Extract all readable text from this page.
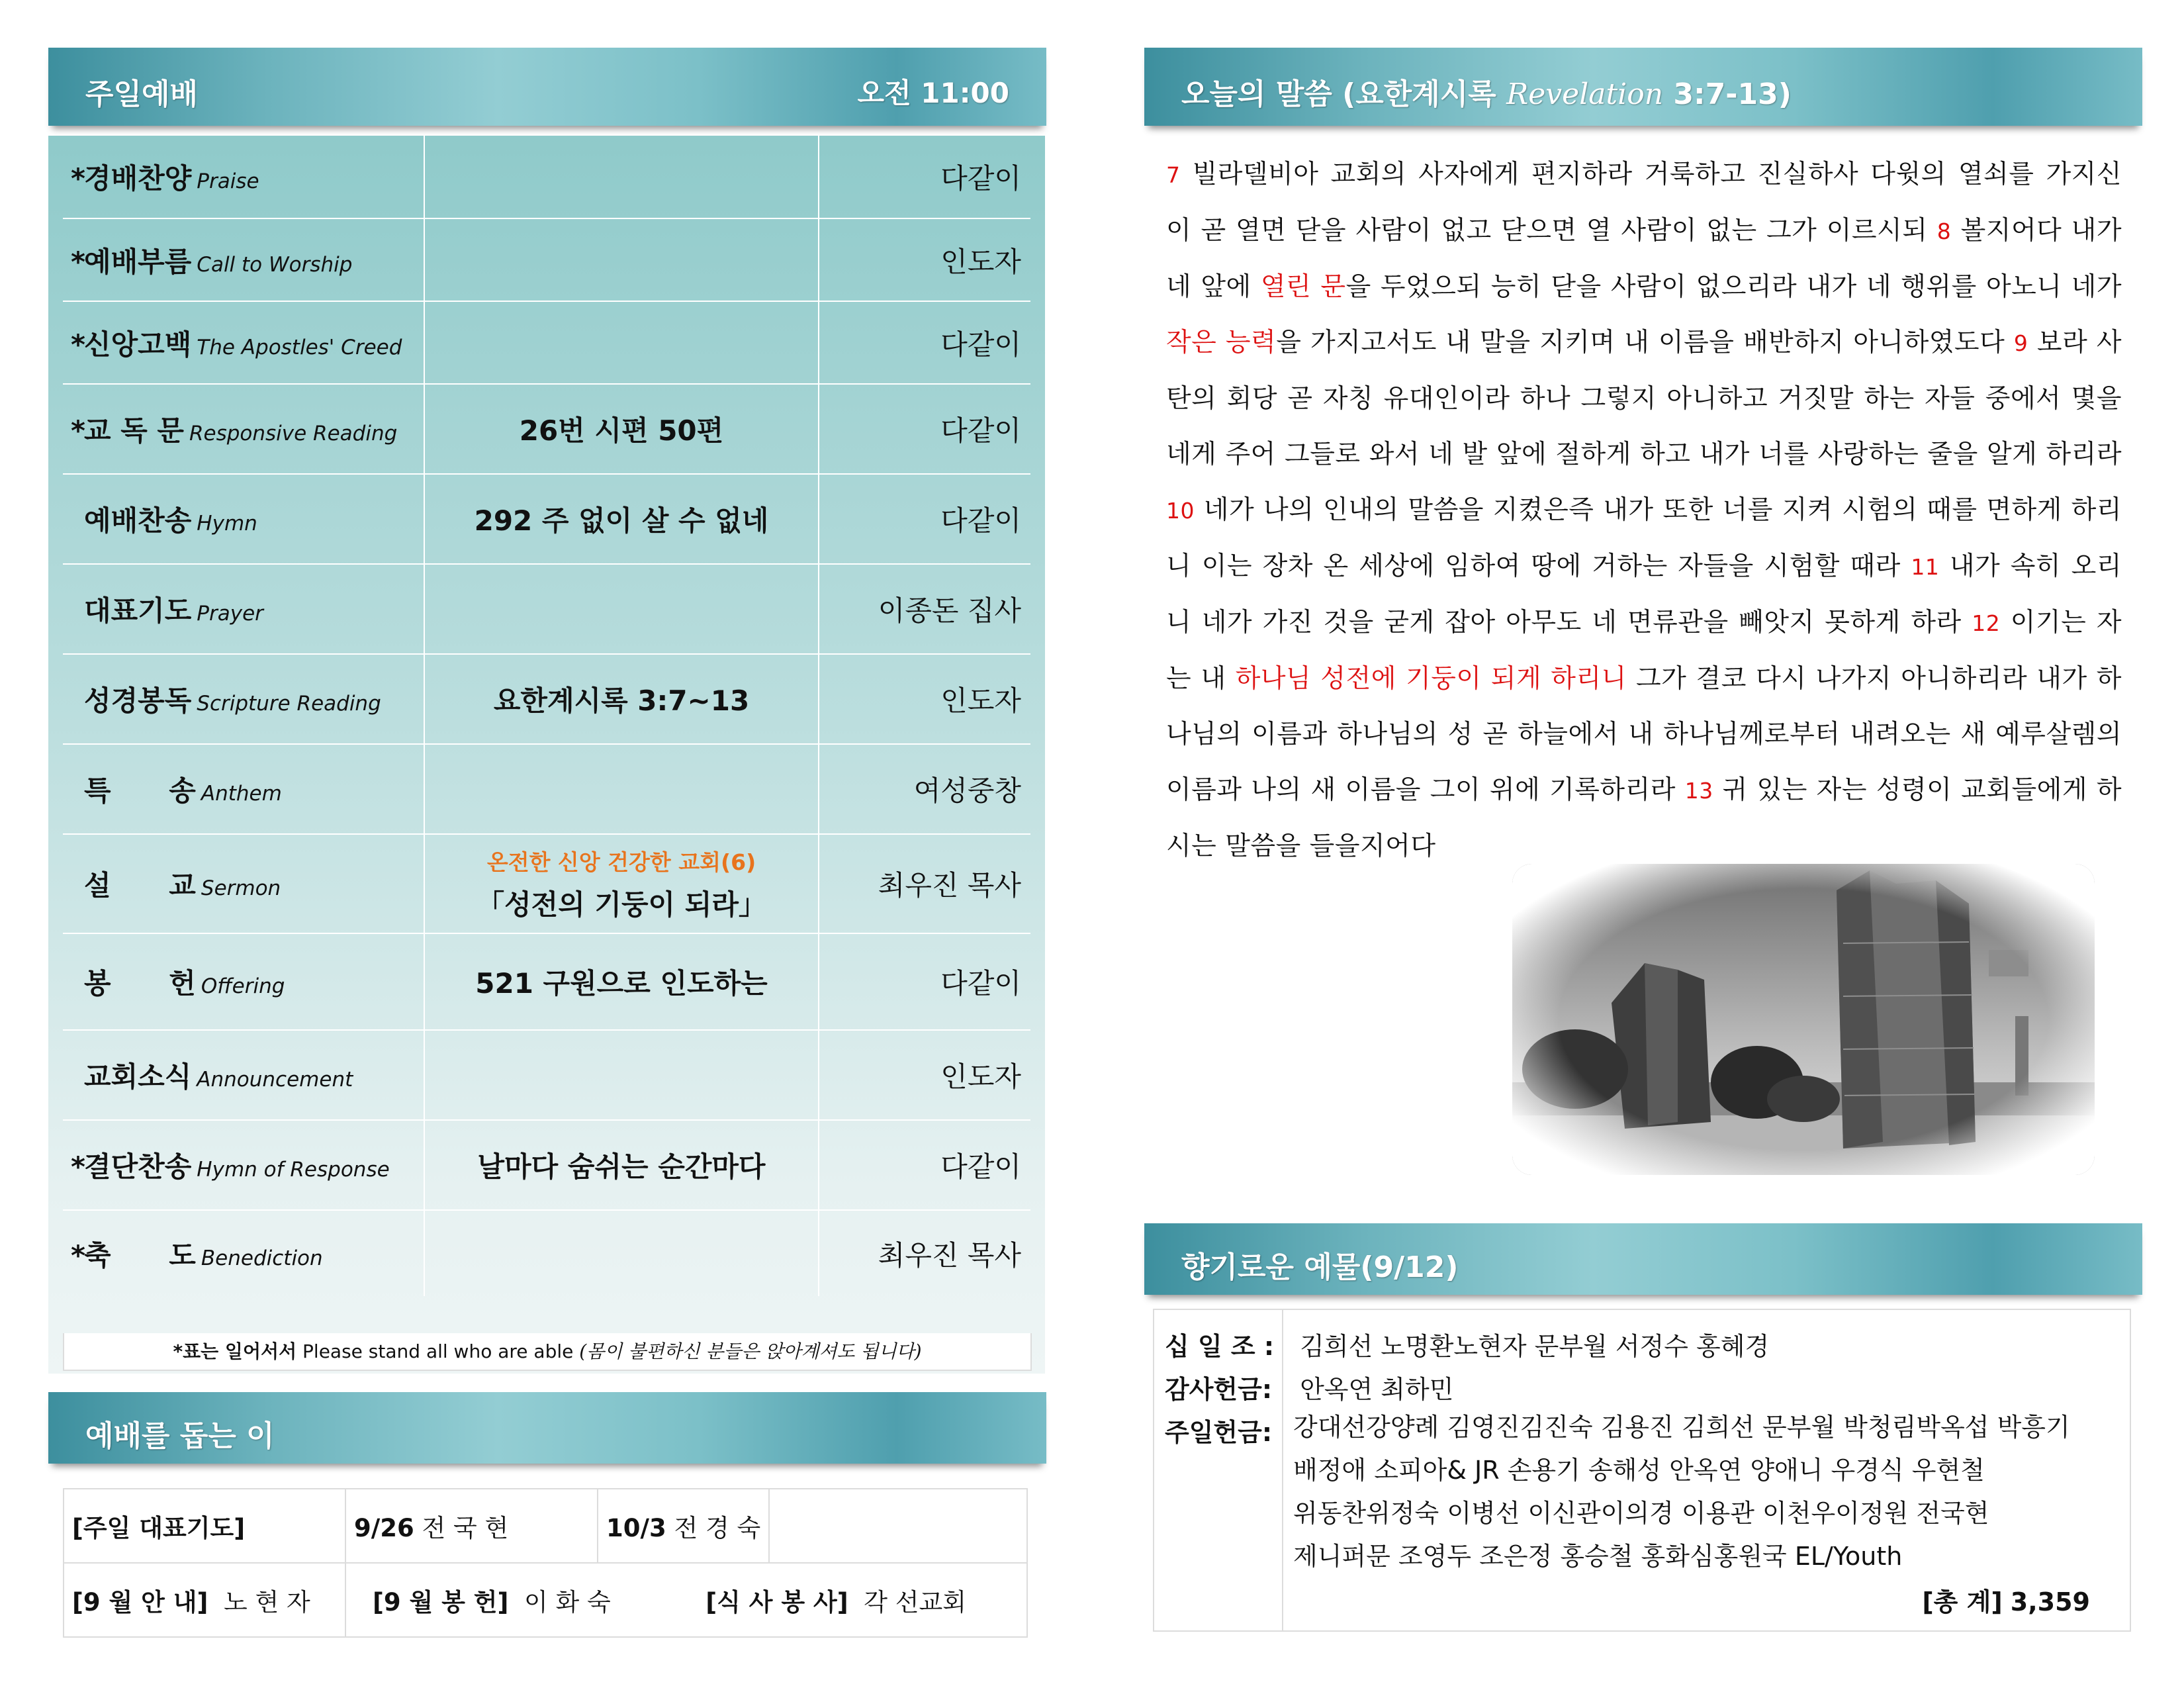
주일예배	오전 11:00
*경배찬양 Praise		다같이
*예배부름 Call to Worship		인도자
*신앙고백 The Apostles' Creed		다같이
*교 독 문 Responsive Reading	26번 시편 50편	다같이
예배찬송 Hymn	292 주 없이 살 수 없네	다같이
대표기도 Prayer		이종돈 집사
성경봉독 Scripture Reading	요한계시록 3:7~13	인도자
특      송 Anthem		여성중창
설      교 Sermon	온전한 신앙 건강한 교회(6)
「성전의 기둥이 되라」	최우진 목사
봉      헌 Offering	521 구원으로 인도하는	다같이
교회소식 Announcement		인도자
*결단찬송 Hymn of Response	날마다 숨쉬는 순간마다	다같이
*축      도 Benediction		최우진 목사
*표는 일어서서 Please stand all who are able (몸이 불편하신 분들은 앉아계셔도 됩니다)
예배를 돕는 이
[주일 대표기도]	9/26 전 국 현	10/3 전 경 숙	
[9 월 안 내] 노 현 자	[9 월 봉 헌] 이 화 숙 [식 사 봉 사] 각 선교회		
오늘의 말씀 (요한계시록 Revelation 3:7-13)
7 빌라델비아 교회의 사자에게 편지하라 거룩하고 진실하사 다윗의 열쇠를 가지신 이 곧 열면 닫을 사람이 없고 닫으면 열 사람이 없는 그가 이르시되 8 볼지어다 내가 네 앞에 열린 문을 두었으되 능히 닫을 사람이 없으리라 내가 네 행위를 아노니 네가 작은 능력을 가지고서도 내 말을 지키며 내 이름을 배반하지 아니하였도다 9 보라 사탄의 회당 곧 자칭 유대인이라 하나 그렇지 아니하고 거짓말 하는 자들 중에서 몇을 네게 주어 그들로 와서 네 발 앞에 절하게 하고 내가 너를 사랑하는 줄을 알게 하리라 10 네가 나의 인내의 말씀을 지켰은즉 내가 또한 너를 지켜 시험의 때를 면하게 하리니 이는 장차 온 세상에 임하여 땅에 거하는 자들을 시험할 때라 11 내가 속히 오리니 네가 가진 것을 굳게 잡아 아무도 네 면류관을 빼앗지 못하게 하라 12 이기는 자는 내 하나님 성전에 기둥이 되게 하리니 그가 결코 다시 나가지 아니하리라 내가 하나님의 이름과 하나님의 성 곧 하늘에서 내 하나님께로부터 내려오는 새 예루살렘의 이름과 나의 새 이름을 그이 위에 기록하리라 13 귀 있는 자는 성령이 교회들에게 하시는 말씀을 들을지어다
향기로운 예물(9/12)
십 일 조 : 김희선 노명환노현자 문부월 서정수 홍혜경
감사헌금: 안옥연 최하민
주일헌금: 강대선강양례 김영진김진숙 김용진 김희선 문부월 박청림박옥섭 박흥기
배정애 소피아& JR 손용기 송해성 안옥연 양애니 우경식 우현철
위동찬위정숙 이병선 이신관이의경 이용관 이천우이정원 전국현
제니퍼문 조영두 조은정 홍승철 홍화심홍원국 EL/Youth
[총 계] 3,359
